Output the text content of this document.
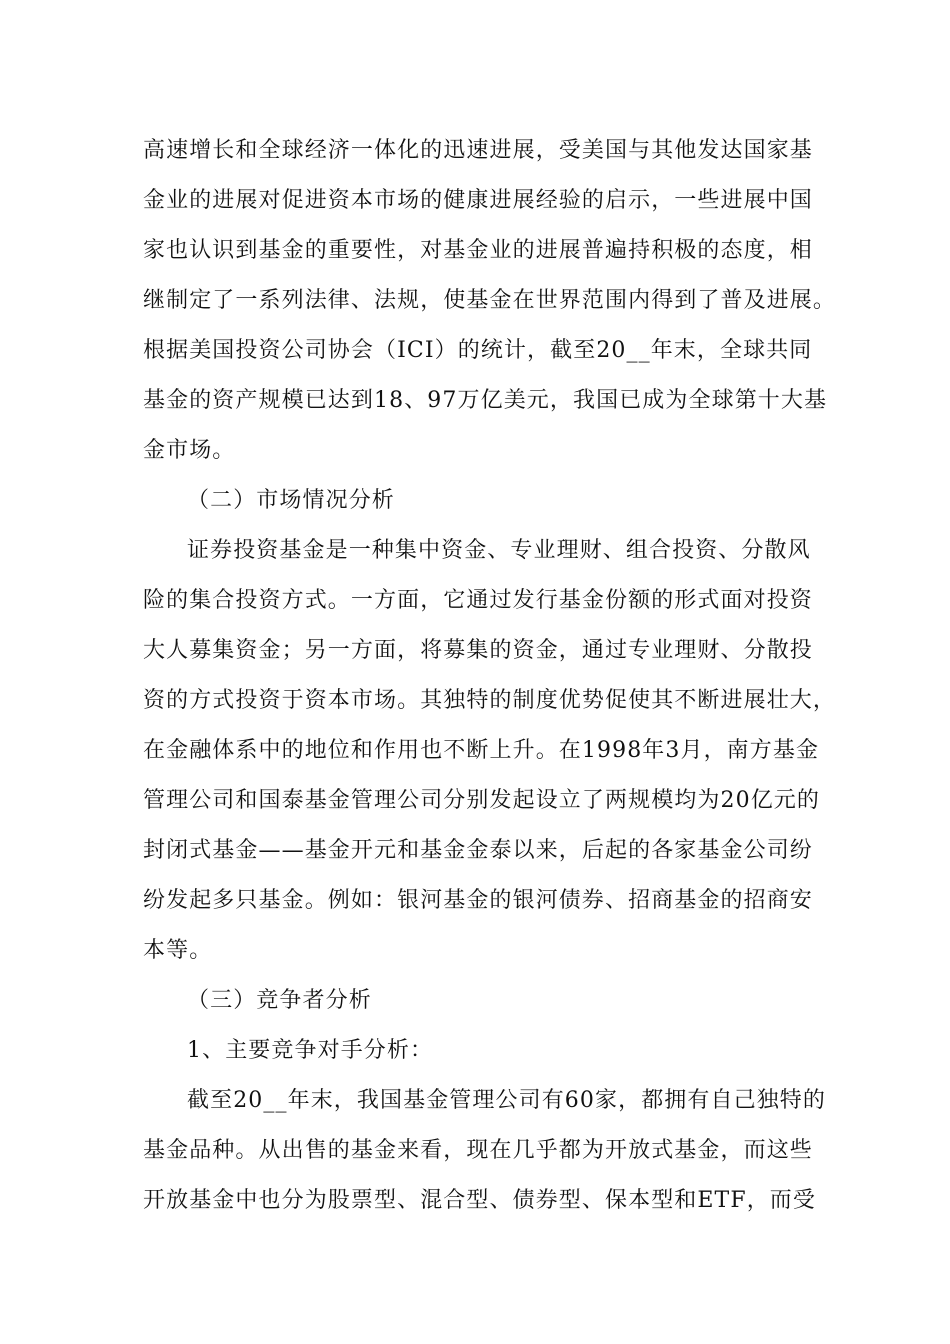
高速增长和全球经济一体化的迅速进展，受美国与其他发达国家基
金业的进展对促进资本市场的健康进展经验的启示，一些进展中国
家也认识到基金的重要性，对基金业的进展普遍持积极的态度，相
继制定了一系列法律、法规，使基金在世界范围内得到了普及进展。
根据美国投资公司协会（ICI）的统计，截至20__年末，全球共同
基金的资产规模已达到18、97万亿美元，我国已成为全球第十大基
金市场。
（二）市场情况分析
证券投资基金是一种集中资金、专业理财、组合投资、分散风
险的集合投资方式。一方面，它通过发行基金份额的形式面对投资
大人募集资金；另一方面，将募集的资金，通过专业理财、分散投
资的方式投资于资本市场。其独特的制度优势促使其不断进展壮大，
在金融体系中的地位和作用也不断上升。在1998年3月，南方基金
管理公司和国泰基金管理公司分别发起设立了两规模均为20亿元的
封闭式基金——基金开元和基金金泰以来，后起的各家基金公司纷
纷发起多只基金。例如：银河基金的银河债券、招商基金的招商安
本等。
（三）竞争者分析
1、主要竞争对手分析：
截至20__年末，我国基金管理公司有60家，都拥有自己独特的
基金品种。从出售的基金来看，现在几乎都为开放式基金，而这些
开放基金中也分为股票型、混合型、债券型、保本型和ETF，而受
